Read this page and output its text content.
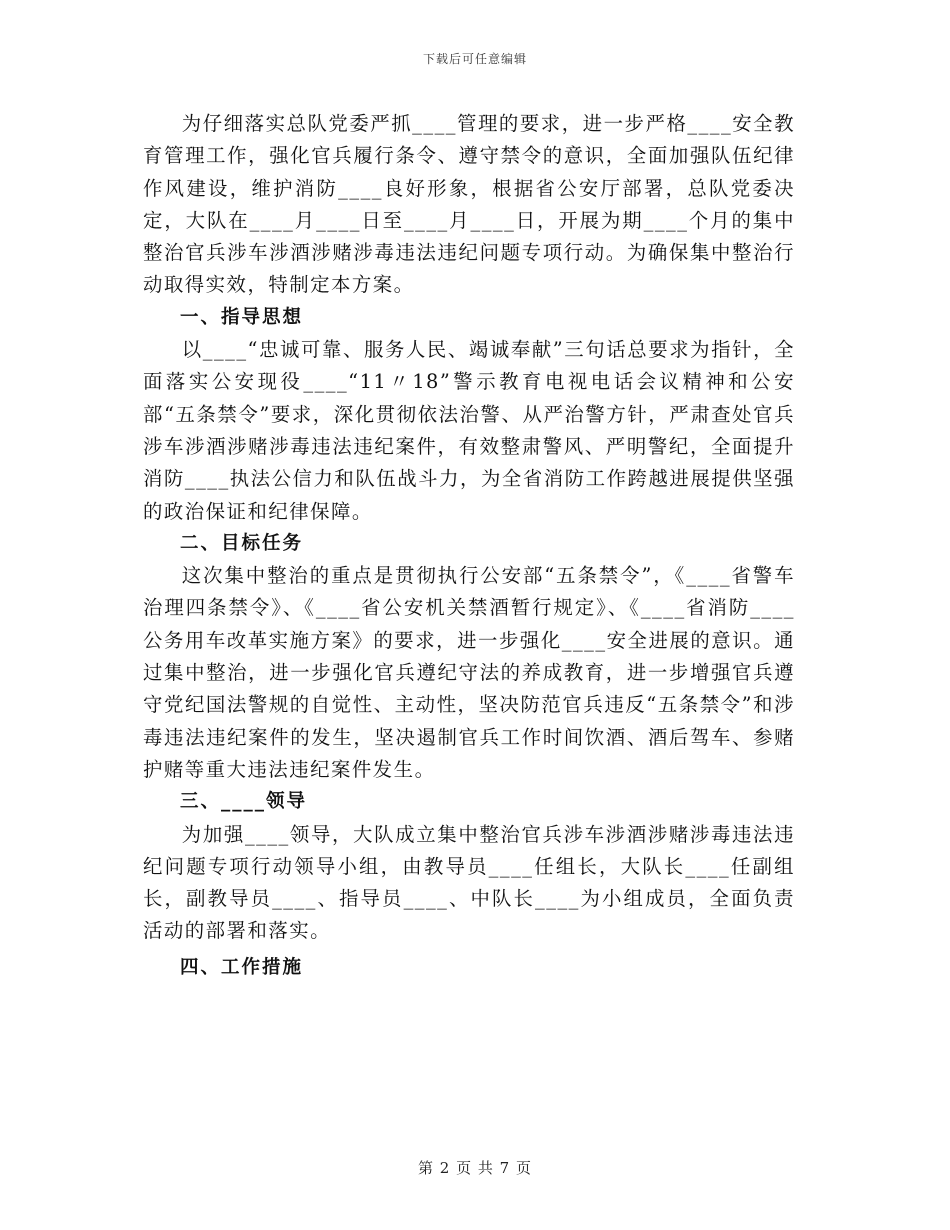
下载后可任意编辑

为仔细落实总队党委严抓____管理的要求，进一步严格____安全教育管理工作，强化官兵履行条令、遵守禁令的意识，全面加强队伍纪律作风建设，维护消防____良好形象，根据省公安厅部署，总队党委决定，大队在____月____日至____月____日，开展为期____个月的集中整治官兵涉车涉酒涉赌涉毒违法违纪问题专项行动。为确保集中整治行动取得实效，特制定本方案。

一、指导思想

以____“忠诚可靠、服务人民、竭诚奉献”三句话总要求为指针，全面落实公安现役____“11〃18”警示教育电视电话会议精神和公安部“五条禁令”要求，深化贯彻依法治警、从严治警方针，严肃查处官兵涉车涉酒涉赌涉毒违法违纪案件，有效整肃警风、严明警纪，全面提升消防____执法公信力和队伍战斗力，为全省消防工作跨越进展提供坚强的政治保证和纪律保障。

二、目标任务

这次集中整治的重点是贯彻执行公安部“五条禁令”，《____省警车治理四条禁令》、《____省公安机关禁酒暂行规定》、《____省消防____公务用车改革实施方案》的要求，进一步强化____安全进展的意识。通过集中整治，进一步强化官兵遵纪守法的养成教育，进一步增强官兵遵守党纪国法警规的自觉性、主动性，坚决防范官兵违反“五条禁令”和涉毒违法违纪案件的发生，坚决遏制官兵工作时间饮酒、酒后驾车、参赌护赌等重大违法违纪案件发生。

三、____领导

为加强____领导，大队成立集中整治官兵涉车涉酒涉赌涉毒违法违纪问题专项行动领导小组，由教导员____任组长，大队长____任副组长，副教导员____、指导员____、中队长____为小组成员，全面负责活动的部署和落实。

四、工作措施

第 2 页 共 7 页
